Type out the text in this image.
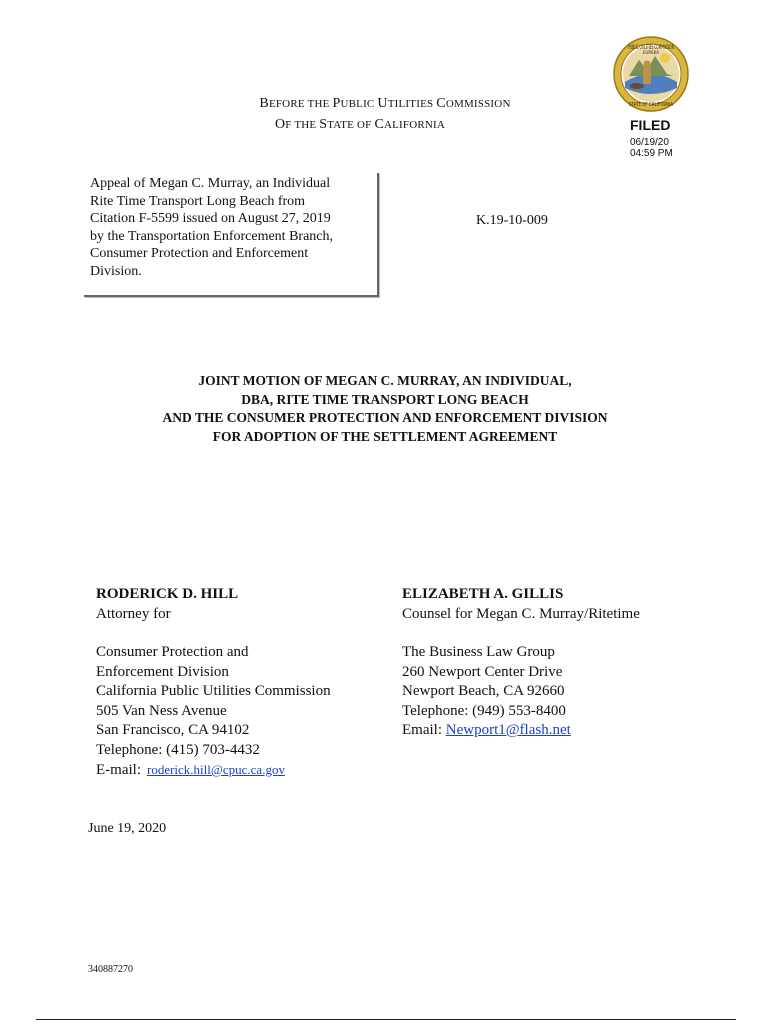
PUBLIC UTILITIES COMMISSION
STATE OF CALIFORNIA
EUREKA
FILED
06/19/20
04:59 PM
BEFORE THE PUBLIC UTILITIES COMMISSION
OF THE STATE OF CALIFORNIA
Appeal of Megan C. Murray, an Individual
Rite Time Transport Long Beach from
Citation F-5599 issued on August 27, 2019
by the Transportation Enforcement Branch,
Consumer Protection and Enforcement
Division.
K.19-10-009
JOINT MOTION OF MEGAN C. MURRAY, AN INDIVIDUAL,
DBA, RITE TIME TRANSPORT LONG BEACH
AND THE CONSUMER PROTECTION AND ENFORCEMENT DIVISION
FOR ADOPTION OF THE SETTLEMENT AGREEMENT
RODERICK D. HILL
Attorney for
Consumer Protection and
Enforcement Division
California Public Utilities Commission
505 Van Ness Avenue
San Francisco, CA 94102
Telephone: (415) 703-4432
E-mail: roderick.hill@cpuc.ca.gov
ELIZABETH A. GILLIS
Counsel for Megan C. Murray/Ritetime
The Business Law Group
260 Newport Center Drive
Newport Beach, CA 92660
Telephone: (949) 553-8400
Email: Newport1@flash.net
June 19, 2020
340887270
